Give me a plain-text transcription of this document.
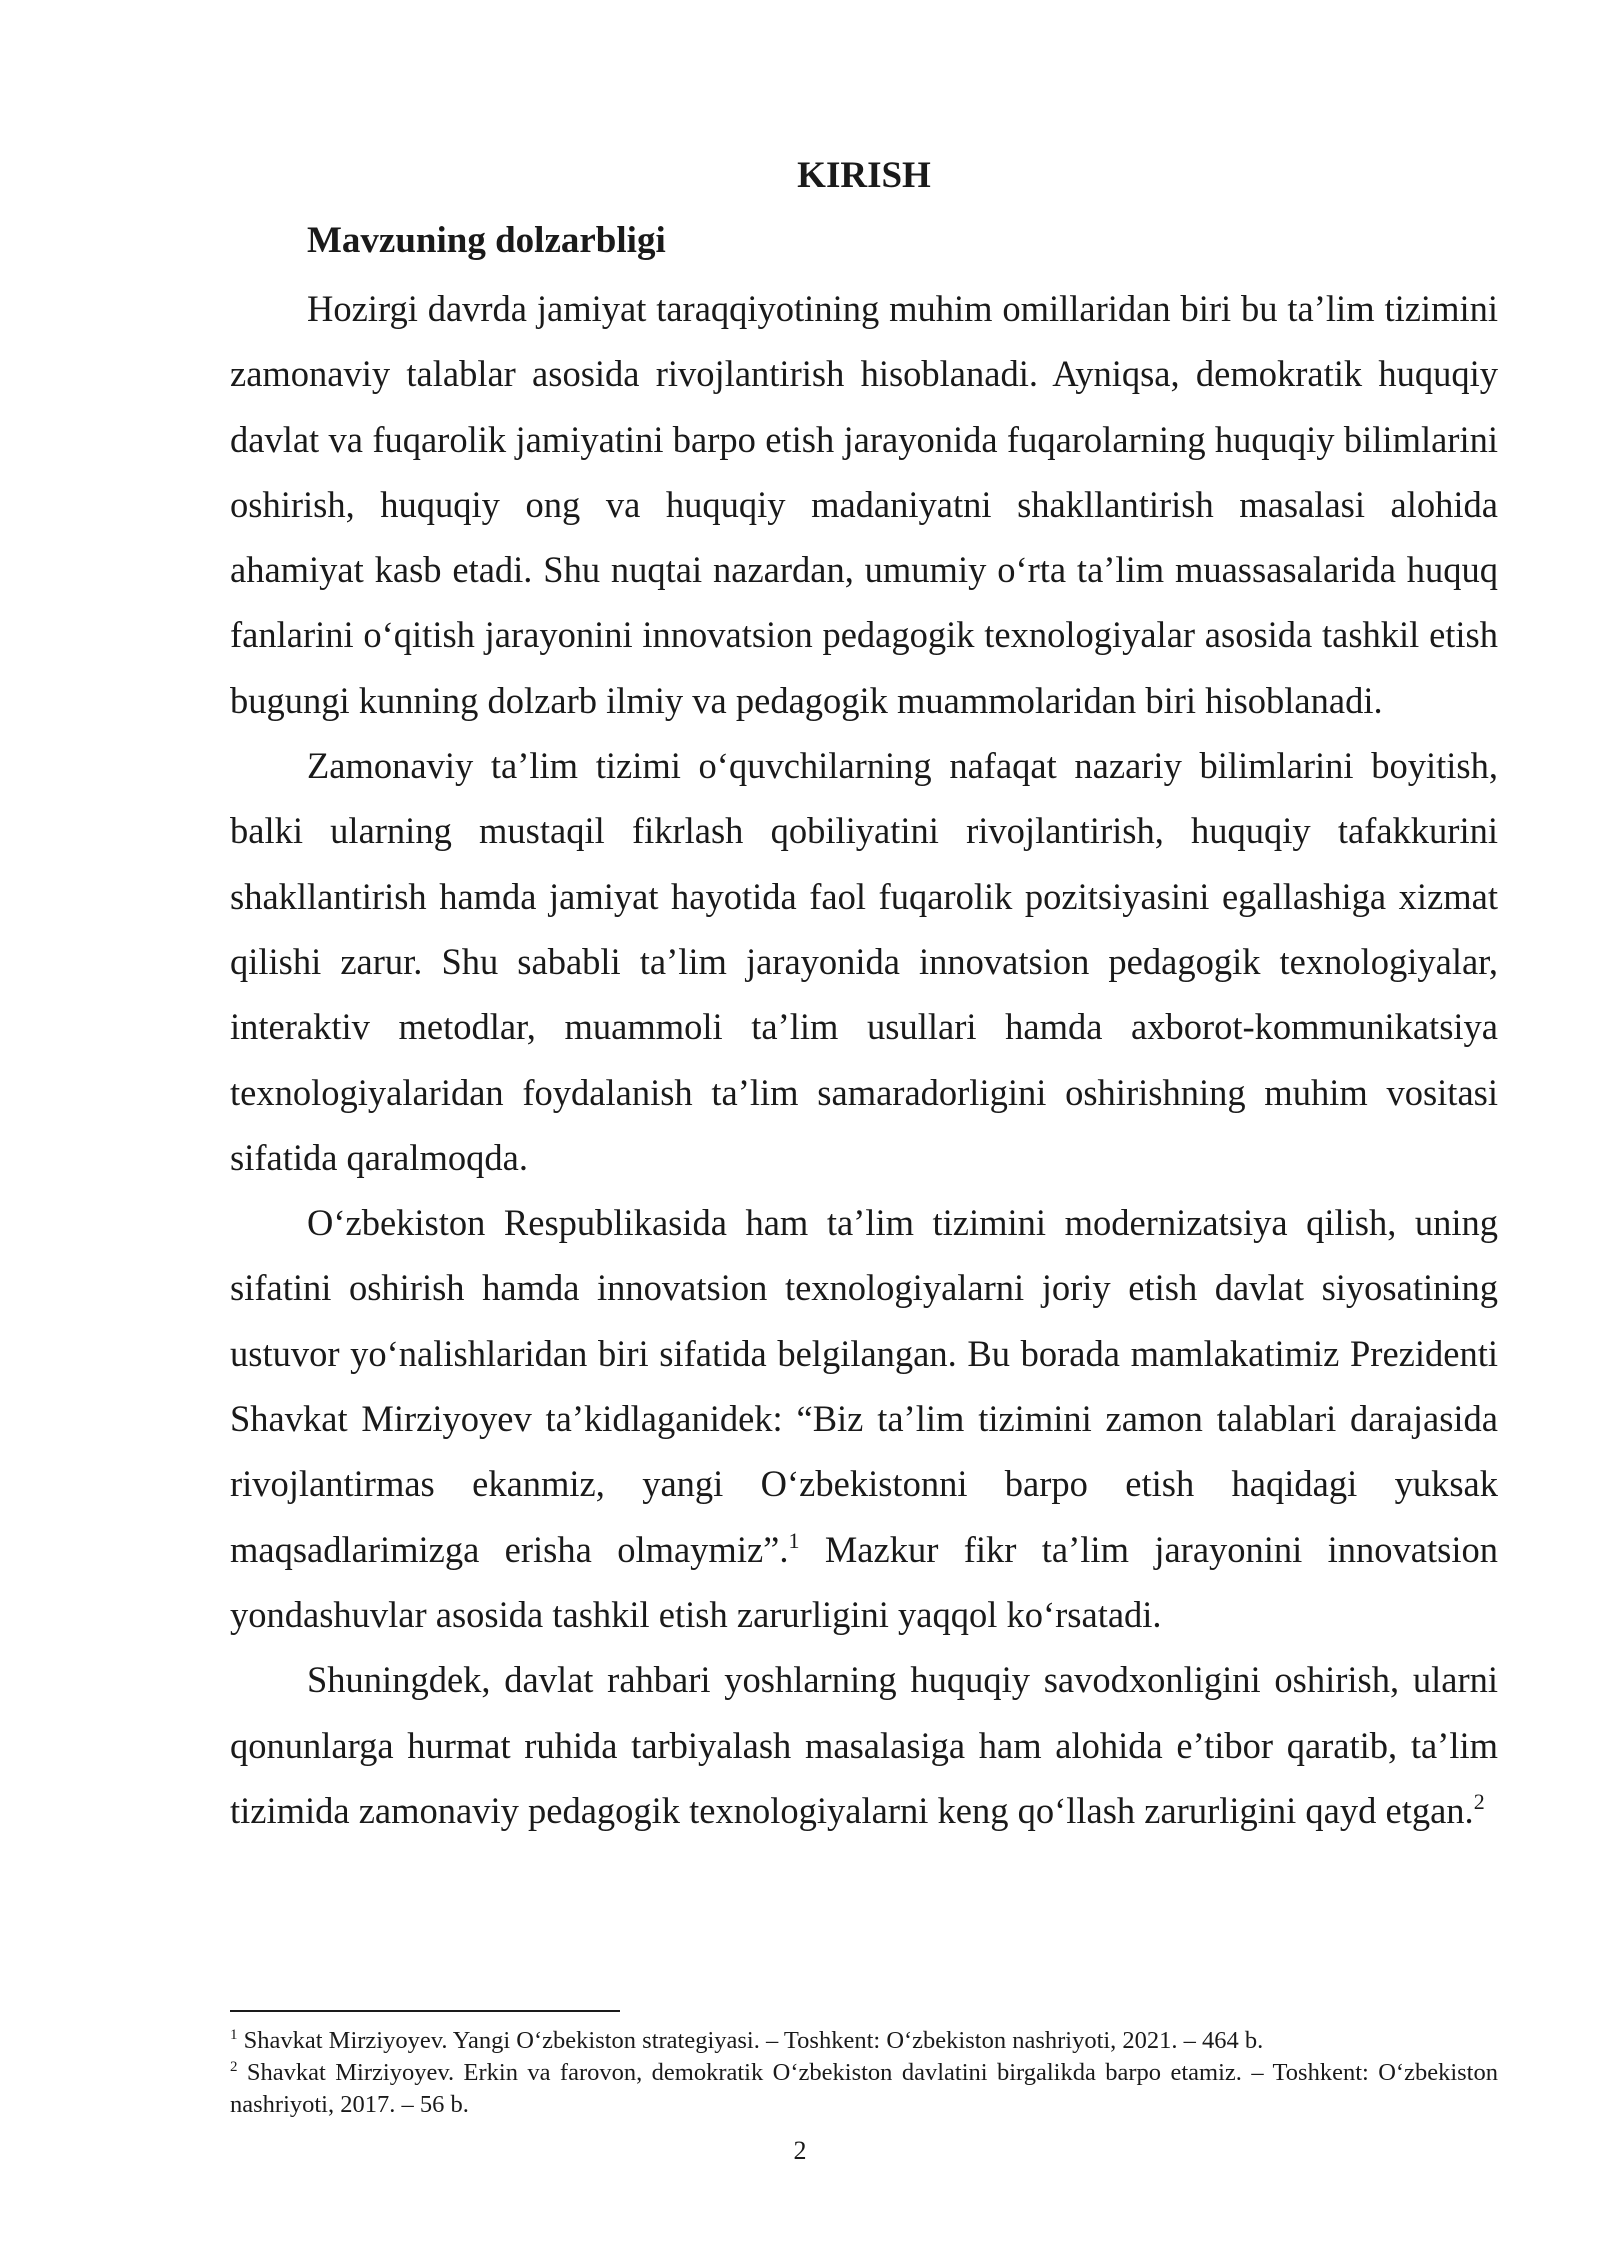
KIRISH
Mavzuning dolzarbligi

Hozirgi davrda jamiyat taraqqiyotining muhim omillaridan biri bu ta’lim tizimini zamonaviy talablar asosida rivojlantirish hisoblanadi. Ayniqsa, demokratik huquqiy davlat va fuqarolik jamiyatini barpo etish jarayonida fuqarolarning huquqiy bilimlarini oshirish, huquqiy ong va huquqiy madaniyatni shakllantirish masalasi alohida ahamiyat kasb etadi. Shu nuqtai nazardan, umumiy o‘rta ta’lim muassasalarida huquq fanlarini o‘qitish jarayonini innovatsion pedagogik texnologiyalar asosida tashkil etish bugungi kunning dolzarb ilmiy va pedagogik muammolaridan biri hisoblanadi.

Zamonaviy ta’lim tizimi o‘quvchilarning nafaqat nazariy bilimlarini boyitish, balki ularning mustaqil fikrlash qobiliyatini rivojlantirish, huquqiy tafakkurini shakllantirish hamda jamiyat hayotida faol fuqarolik pozitsiyasini egallashiga xizmat qilishi zarur. Shu sababli ta’lim jarayonida innovatsion pedagogik texnologiyalar, interaktiv metodlar, muammoli ta’lim usullari hamda axborot-kommunikatsiya texnologiyalaridan foydalanish ta’lim samaradorligini oshirishning muhim vositasi sifatida qaralmoqda.

O‘zbekiston Respublikasida ham ta’lim tizimini modernizatsiya qilish, uning sifatini oshirish hamda innovatsion texnologiyalarni joriy etish davlat siyosatining ustuvor yo‘nalishlaridan biri sifatida belgilangan. Bu borada mamlakatimiz Prezidenti Shavkat Mirziyoyev ta’kidlaganidek: “Biz ta’lim tizimini zamon talablari darajasida rivojlantirmas ekanmiz, yangi O‘zbekistonni barpo etish haqidagi yuksak maqsadlarimizga erisha olmaymiz”.$^1$ Mazkur fikr ta’lim jarayonini innovatsion yondashuvlar asosida tashkil etish zarurligini yaqqol ko‘rsatadi.

Shuningdek, davlat rahbari yoshlarning huquqiy savodxonligini oshirish, ularni qonunlarga hurmat ruhida tarbiyalash masalasiga ham alohida e’tibor qaratib, ta’lim tizimida zamonaviy pedagogik texnologiyalarni keng qo‘llash zarurligini qayd etgan.$^2$

$^1$ Shavkat Mirziyoyev. Yangi O‘zbekiston strategiyasi. – Toshkent: O‘zbekiston nashriyoti, 2021. – 464 b.

$^2$ Shavkat Mirziyoyev. Erkin va farovon, demokratik O‘zbekiston davlatini birgalikda barpo etamiz. – Toshkent: O‘zbekiston nashriyoti, 2017. – 56 b.

2
